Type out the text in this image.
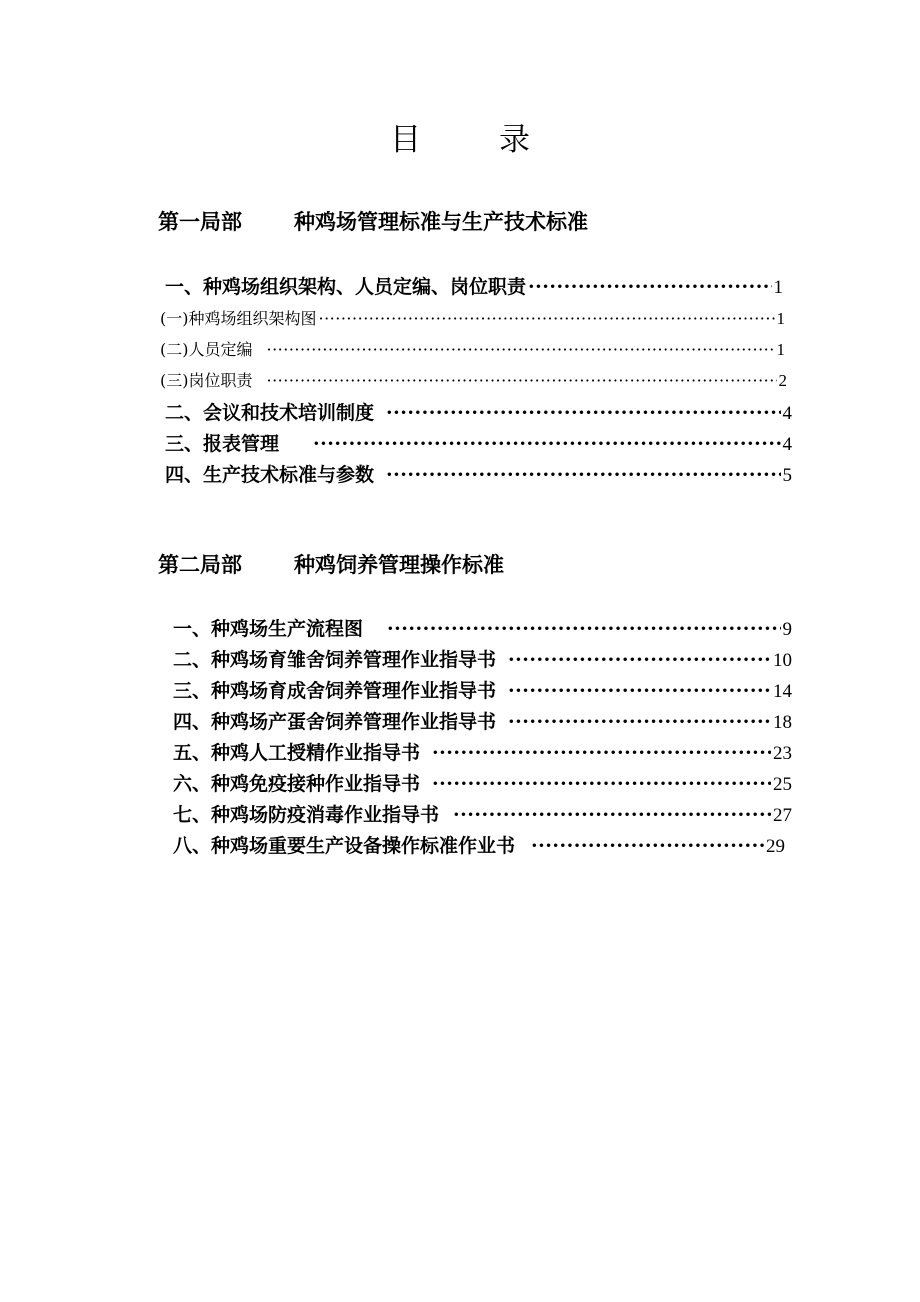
目	录
第一局部 种鸡场管理标准与生产技术标准
一、种鸡场组织架构、人员定编、岗位职责 ·····	1
(一)种鸡场组织架构图 ·····	1
(二)人员定编 ·····	1
(三)岗位职责 ·····	2
二、会议和技术培训制度 ·····	4
三、报表管理 ·····	4
四、生产技术标准与参数 ·····	5
第二局部 种鸡饲养管理操作标准
一、种鸡场生产流程图 ·····	9
二、种鸡场育雏舍饲养管理作业指导书 ·····	10
三、种鸡场育成舍饲养管理作业指导书 ·····	14
四、种鸡场产蛋舍饲养管理作业指导书 ·····	18
五、种鸡人工授精作业指导书 ·····	23
六、种鸡免疫接种作业指导书 ·····	25
七、种鸡场防疫消毒作业指导书 ·····	27
八、种鸡场重要生产设备操作标准作业书 ·····	29
